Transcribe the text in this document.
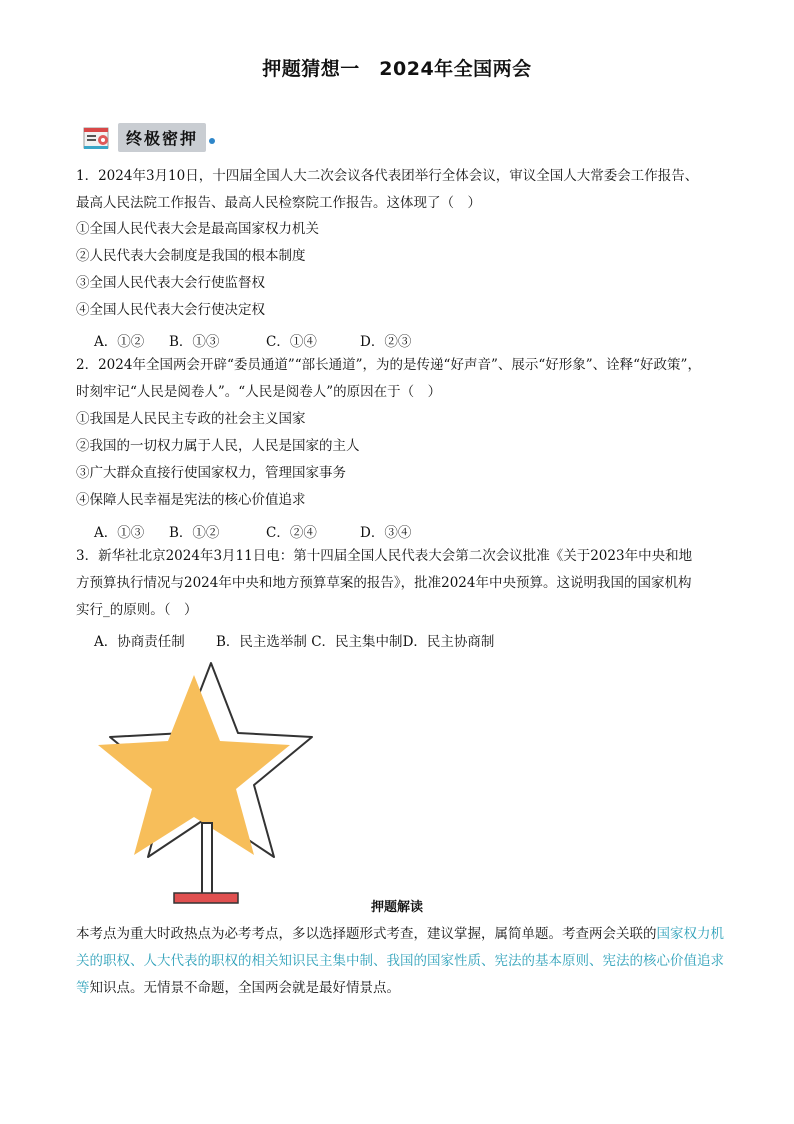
押题猜想一　2024年全国两会
终极密押
1．2024年3月10日，十四届全国人大二次会议各代表团举行全体会议，审议全国人大常委会工作报告、
最高人民法院工作报告、最高人民检察院工作报告。这体现了（　）
①全国人民代表大会是最高国家权力机关
②人民代表大会制度是我国的根本制度
③全国人民代表大会行使监督权
④全国人民代表大会行使决定权
A．①② B．①③	C．①④	D．②③
2．2024年全国两会开辟“委员通道”“部长通道”，为的是传递“好声音”、展示“好形象”、诠释“好政策”，
时刻牢记“人民是阅卷人”。“人民是阅卷人”的原因在于（　）
①我国是人民民主专政的社会主义国家
②我国的一切权力属于人民，人民是国家的主人
③广大群众直接行使国家权力，管理国家事务
④保障人民幸福是宪法的核心价值追求
A．①③ B．①②	C．②④	D．③④
3．新华社北京2024年3月11日电：第十四届全国人民代表大会第二次会议批准《关于2023年中央和地
方预算执行情况与2024年中央和地方预算草案的报告》，批准2024年中央预算。这说明我国的国家机构
实行_的原则。（　）
A．协商责任制 B．民主选举制 C．民主集中制D．民主协商制
押题解读
本考点为重大时政热点为必考考点，多以选择题形式考查，建议掌握，属简单题。考查两会关联的国家权力机关的职权、人大代表的职权的相关知识民主集中制、我国的国家性质、宪法的基本原则、宪法的核心价值追求等知识点。无情景不命题，全国两会就是最好情景点。
